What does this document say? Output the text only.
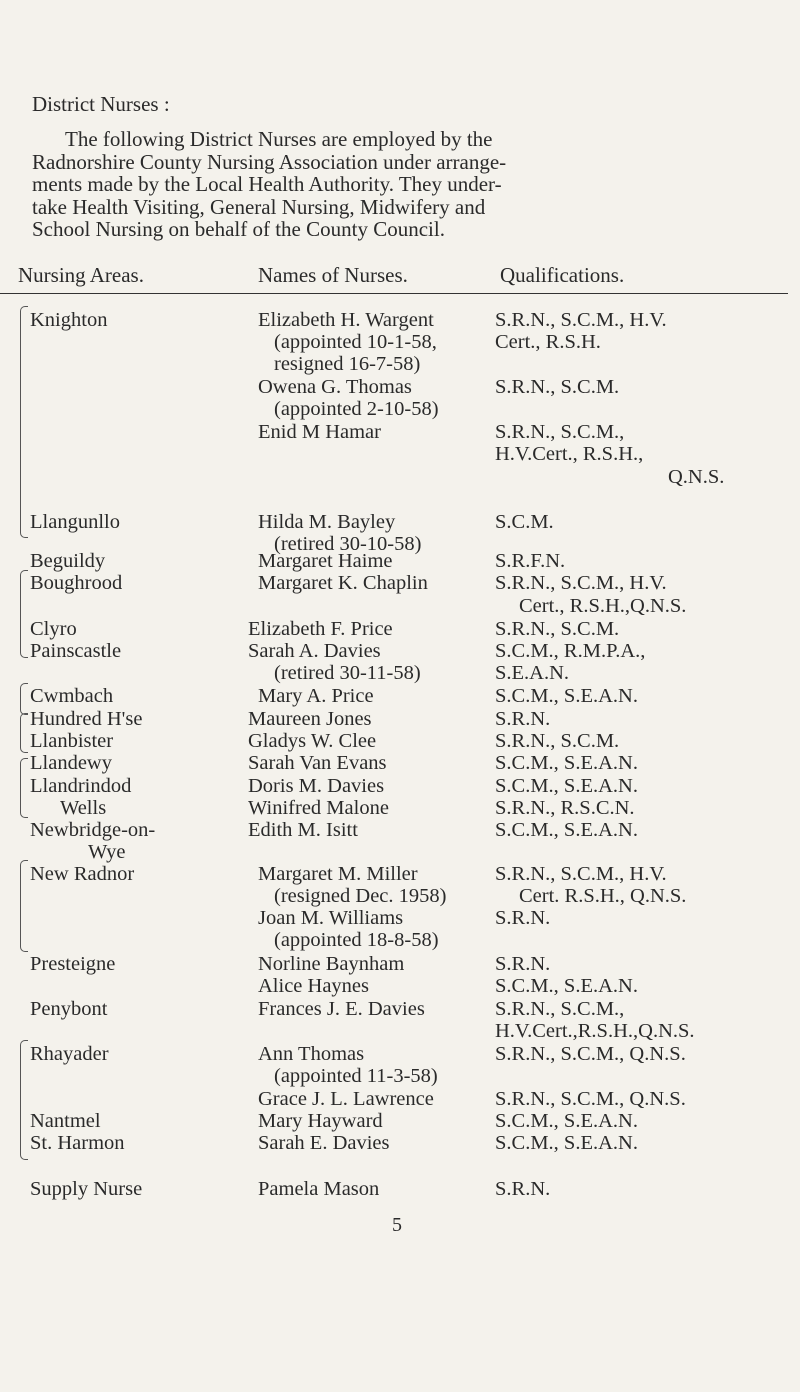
District Nurses :
The following District Nurses are employed by the
Radnorshire County Nursing Association under arrange-
ments made by the Local Health Authority. They under-
take Health Visiting, General Nursing, Midwifery and
School Nursing on behalf of the County Council.
Nursing Areas.	Names of Nurses.	Qualifications.
Knighton
Llangunllo
Beguildy
Boughrood
Clyro
Painscastle
Cwmbach
Hundred H'se
Llanbister
Llandewy
Llandrindod
Wells
Newbridge-on-
Wye
New Radnor
Presteigne
Penybont
Rhayader
Nantmel
St. Harmon
Supply Nurse
Elizabeth H. Wargent
(appointed 10-1-58,
resigned 16-7-58)
Owena G. Thomas
(appointed 2-10-58)
Enid M Hamar
Hilda M. Bayley
(retired 30-10-58)
Margaret Haime
Margaret K. Chaplin
Elizabeth F. Price
Sarah A. Davies
(retired 30-11-58)
Mary A. Price
Maureen Jones
Gladys W. Clee
Sarah Van Evans
Doris M. Davies
Winifred Malone
Edith M. Isitt
Margaret M. Miller
(resigned Dec. 1958)
Joan M. Williams
(appointed 18-8-58)
Norline Baynham
Alice Haynes
Frances J. E. Davies
Ann Thomas
(appointed 11-3-58)
Grace J. L. Lawrence
Mary Hayward
Sarah E. Davies
Pamela Mason
S.R.N., S.C.M., H.V.
Cert., R.S.H.
S.R.N., S.C.M.
S.R.N., S.C.M.,
H.V.Cert., R.S.H.,
Q.N.S.
S.C.M.
S.R.F.N.
S.R.N., S.C.M., H.V.
Cert., R.S.H.,Q.N.S.
S.R.N., S.C.M.
S.C.M., R.M.P.A.,
S.E.A.N.
S.C.M., S.E.A.N.
S.R.N.
S.R.N., S.C.M.
S.C.M., S.E.A.N.
S.C.M., S.E.A.N.
S.R.N., R.S.C.N.
S.C.M., S.E.A.N.
S.R.N., S.C.M., H.V.
Cert. R.S.H., Q.N.S.
S.R.N.
S.R.N.
S.C.M., S.E.A.N.
S.R.N., S.C.M.,
H.V.Cert.,R.S.H.,Q.N.S.
S.R.N., S.C.M., Q.N.S.
S.R.N., S.C.M., Q.N.S.
S.C.M., S.E.A.N.
S.C.M., S.E.A.N.
S.R.N.
5
